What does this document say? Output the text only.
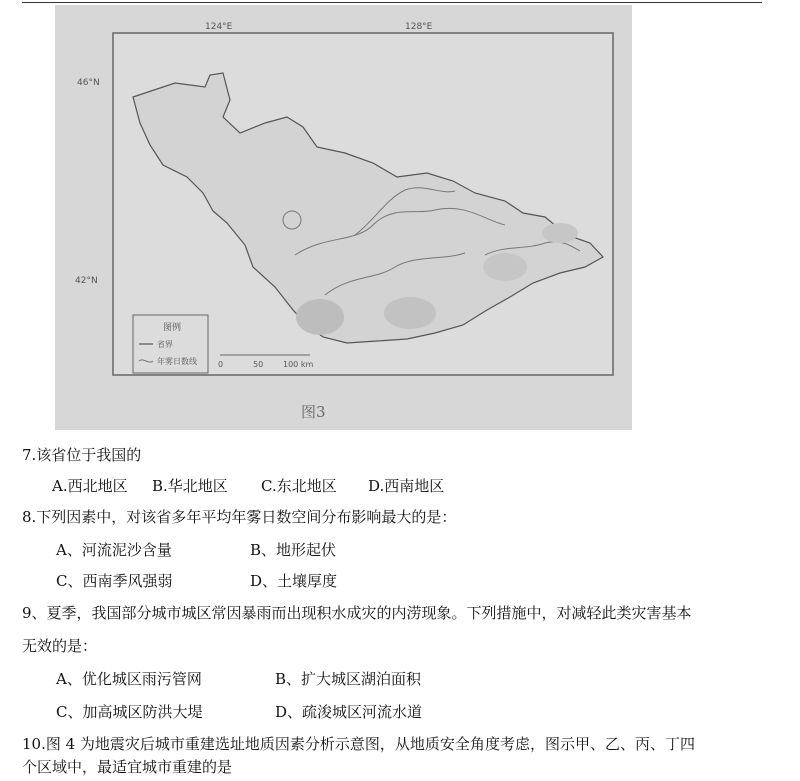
124°E	128°E
46°N
42°N
图例
省界
年雾日数线	0	50 100 km
图3
7.该省位于我国的
A.西北地区 B.华北地区 C.东北地区 D.西南地区
8.下列因素中，对该省多年平均年雾日数空间分布影响最大的是：
A、河流泥沙含量	B、地形起伏
C、西南季风强弱	D、土壤厚度
9、夏季，我国部分城市城区常因暴雨而出现积水成灾的内涝现象。下列措施中，对减轻此类灾害基本
无效的是：
A、优化城区雨污管网	B、扩大城区湖泊面积
C、加高城区防洪大堤	D、疏浚城区河流水道
10.图 4 为地震灾后城市重建选址地质因素分析示意图，从地质安全角度考虑，图示甲、乙、丙、丁四
个区域中，最适宜城市重建的是
